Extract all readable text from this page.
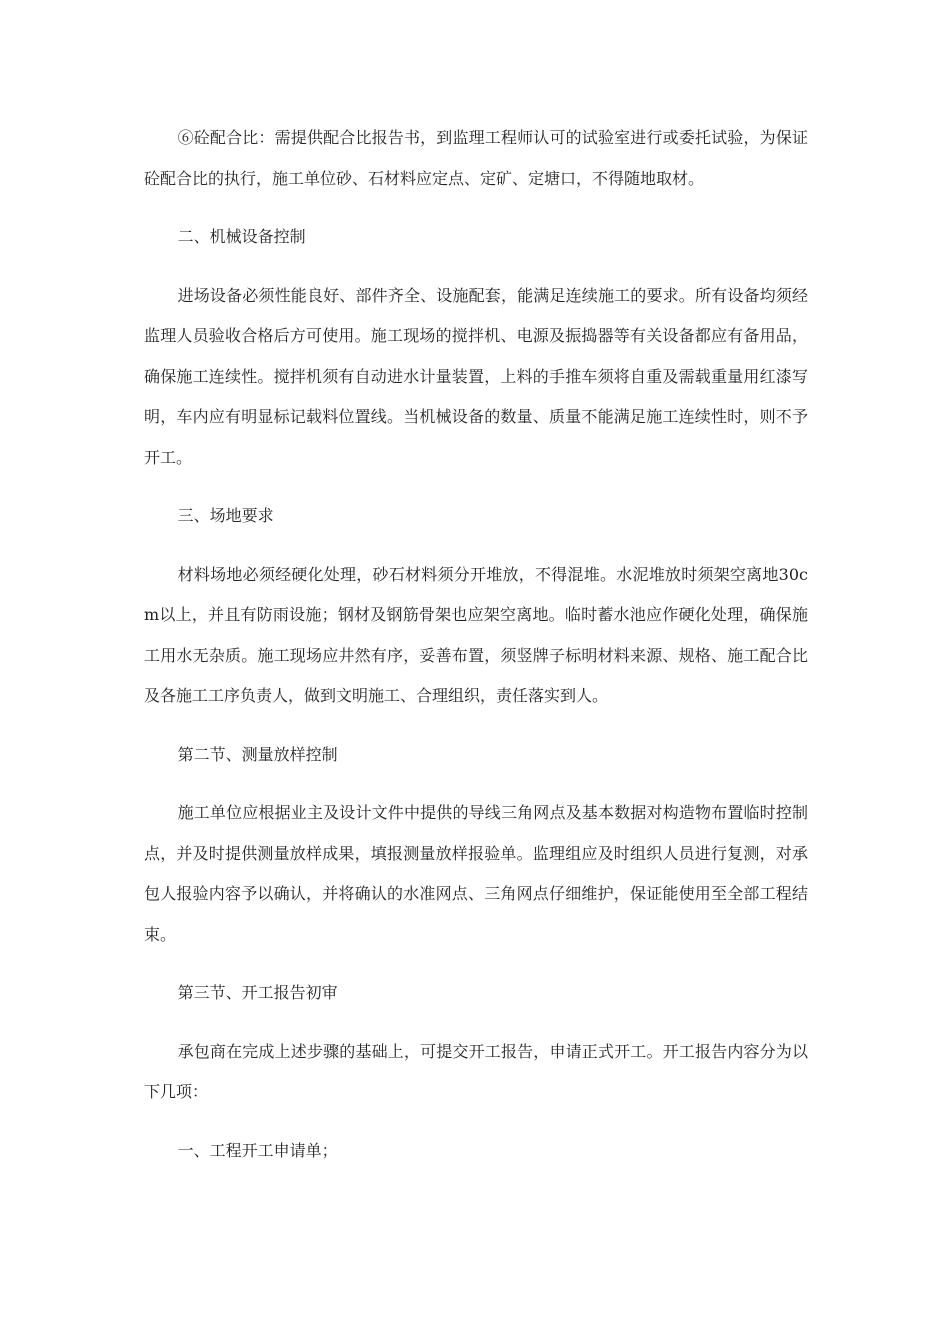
⑥砼配合比：需提供配合比报告书，到监理工程师认可的试验室进行或委托试验，为保证砼配合比的执行，施工单位砂、石材料应定点、定矿、定塘口，不得随地取材。

二、机械设备控制

进场设备必须性能良好、部件齐全、设施配套，能满足连续施工的要求。所有设备均须经监理人员验收合格后方可使用。施工现场的搅拌机、电源及振捣器等有关设备都应有备用品，确保施工连续性。搅拌机须有自动进水计量装置，上料的手推车须将自重及需载重量用红漆写明，车内应有明显标记载料位置线。当机械设备的数量、质量不能满足施工连续性时，则不予开工。

三、场地要求

材料场地必须经硬化处理，砂石材料须分开堆放，不得混堆。水泥堆放时须架空离地30cm以上，并且有防雨设施；钢材及钢筋骨架也应架空离地。临时蓄水池应作硬化处理，确保施工用水无杂质。施工现场应井然有序，妥善布置，须竖牌子标明材料来源、规格、施工配合比及各施工工序负责人，做到文明施工、合理组织，责任落实到人。

第二节、测量放样控制

施工单位应根据业主及设计文件中提供的导线三角网点及基本数据对构造物布置临时控制点，并及时提供测量放样成果，填报测量放样报验单。监理组应及时组织人员进行复测，对承包人报验内容予以确认，并将确认的水准网点、三角网点仔细维护，保证能使用至全部工程结束。

第三节、开工报告初审

承包商在完成上述步骤的基础上，可提交开工报告，申请正式开工。开工报告内容分为以下几项：

一、工程开工申请单；
